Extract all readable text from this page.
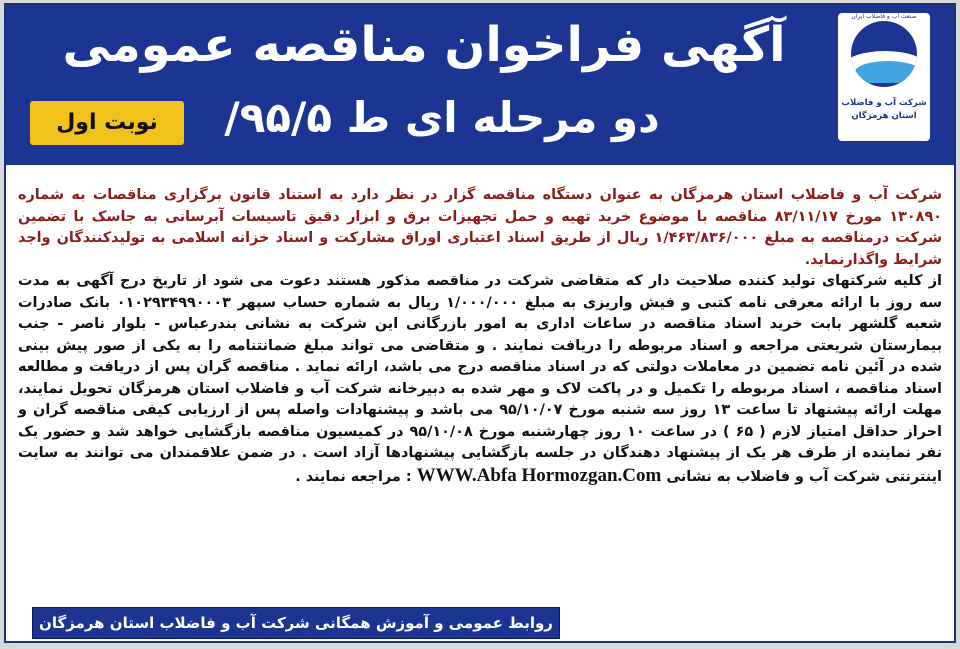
صنعت آب و فاضلاب ایران
شرکت آب و فاضلاب
استان هرمزگان
آگهی فراخوان مناقصه عمومی
دو مرحله ای ط ۹۵/۵/
نوبت اول

شرکت آب و فاضلاب استان هرمزگان به عنوان دستگاه مناقصه گزار در نظر دارد به استناد قانون برگزاری مناقصات به شماره ۱۳۰۸۹۰ مورخ ۸۳/۱۱/۱۷ مناقصه با موضوع خرید تهیه و حمل تجهیزات برق و ابزار دقیق تاسیسات آبرسانی به جاسک با تضمین شرکت درمناقصه به مبلغ ۱/۴۶۳/۸۳۶/۰۰۰ ریال از طریق اسناد اعتباری اوراق مشارکت و اسناد خزانه اسلامی به تولیدکنندگان واجد شرایط واگذارنماید.

از کلیه شرکتهای تولید کننده صلاحیت دار که متقاضی شرکت در مناقصه مذکور هستند دعوت می شود از تاریخ درج آگهی به مدت سه روز با ارائه معرفی نامه کتبی و فیش واریزی به مبلغ ۱/۰۰۰/۰۰۰ ریال به شماره حساب سپهر ۰۱۰۲۹۳۴۹۹۰۰۰۳ بانک صادرات شعبه گلشهر بابت خرید اسناد مناقصه در ساعات اداری به امور بازرگانی این شرکت به نشانی بندرعباس - بلوار ناصر - جنب بیمارستان شریعتی مراجعه و اسناد مربوطه را دریافت نمایند . و متقاضی می تواند مبلغ ضمانتنامه را به یکی از صور پیش بینی شده در آئین نامه تضمین در معاملات دولتی که در اسناد مناقصه درج می باشد، ارائه نماید . مناقصه گران پس از دریافت و مطالعه اسناد مناقصه ، اسناد مربوطه را تکمیل و در پاکت لاک و مهر شده به دبیرخانه شرکت آب و فاضلاب استان هرمزگان تحویل نمایند، مهلت ارائه پیشنهاد تا ساعت ۱۳ روز سه شنبه مورخ ۹۵/۱۰/۰۷ می باشد و پیشنهادات واصله پس از ارزیابی کیفی مناقصه گران و احراز حداقل امتیاز لازم ( ۶۵ ) در ساعت ۱۰ روز چهارشنبه مورخ ۹۵/۱۰/۰۸ در کمیسیون مناقصه بازگشایی خواهد شد و حضور یک نفر نماینده از طرف هر یک از پیشنهاد دهندگان در جلسه بازگشایی پیشنهادها آزاد است . در ضمن علاقمندان می توانند به سایت اینترنتی شرکت آب و فاضلاب به نشانی WWW.Abfa Hormozgan.Com : مراجعه نمایند .

روابط عمومی و آموزش همگانی شرکت آب و فاضلاب استان هرمزگان
